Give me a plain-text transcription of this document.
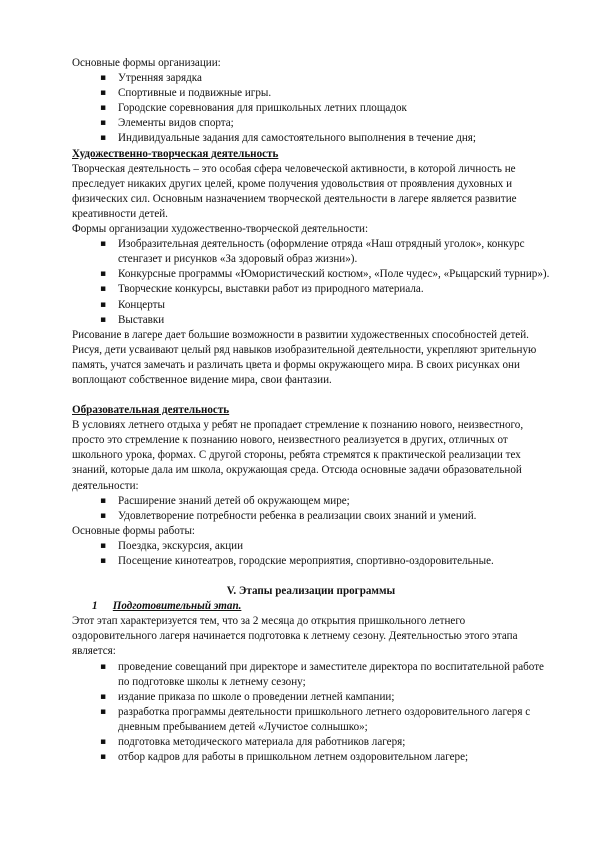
Основные формы организации:

▪ Утренняя зарядка
▪ Спортивные и подвижные игры.
▪ Городские соревнования для пришкольных летних площадок
▪ Элементы видов спорта;
▪ Индивидуальные задания для самостоятельного выполнения в течение дня;

Художественно-творческая деятельность

Творческая деятельность – это особая сфера человеческой активности, в которой личность не преследует никаких других целей, кроме получения удовольствия от проявления духовных и физических сил. Основным назначением творческой деятельности в лагере является развитие креативности детей.

Формы организации художественно-творческой деятельности:

▪ Изобразительная деятельность (оформление отряда «Наш отрядный уголок», конкурс стенгазет и рисунков «За здоровый образ жизни»).
▪ Конкурсные программы «Юмористический костюм», «Поле чудес», «Рыцарский турнир»).
▪ Творческие конкурсы, выставки работ из природного материала.
▪ Концерты
▪ Выставки

Рисование в лагере дает большие возможности в развитии художественных способностей детей. Рисуя, дети усваивают целый ряд навыков изобразительной деятельности, укрепляют зрительную память, учатся замечать и различать цвета и формы окружающего мира. В своих рисунках они воплощают собственное видение мира, свои фантазии.

Образовательная деятельность

В условиях летнего отдыха у ребят не пропадает стремление к познанию нового, неизвестного, просто это стремление к познанию нового, неизвестного реализуется в других, отличных от школьного урока, формах. С другой стороны, ребята стремятся к практической реализации тех знаний, которые дала им школа, окружающая среда. Отсюда основные задачи образовательной деятельности:

▪ Расширение знаний детей об окружающем мире;
▪ Удовлетворение потребности ребенка в реализации своих знаний и умений.

Основные формы работы:

▪ Поездка, экскурсия, акции
▪ Посещение кинотеатров, городские мероприятия, спортивно-оздоровительные.

V. Этапы реализации программы

1 Подготовительный этап.

Этот этап характеризуется тем, что за 2 месяца до открытия пришкольного летнего оздоровительного лагеря начинается подготовка к летнему сезону. Деятельностью этого этапа является:

▪ проведение совещаний при директоре и заместителе директора по воспитательной работе по подготовке школы к летнему сезону;
▪ издание приказа по школе о проведении летней кампании;
▪ разработка программы деятельности пришкольного летнего оздоровительного лагеря с дневным пребыванием детей «Лучистое солнышко»;
▪ подготовка методического материала для работников лагеря;
▪ отбор кадров для работы в пришкольном летнем оздоровительном лагере;
